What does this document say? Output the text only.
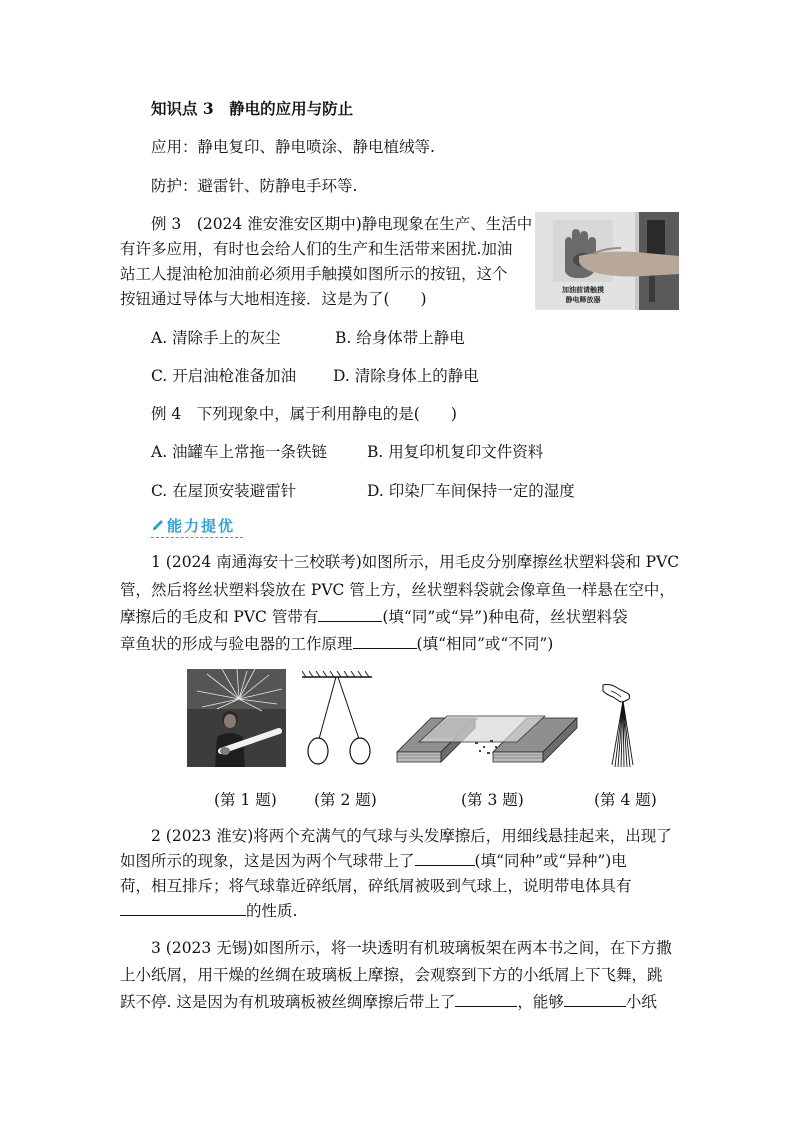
知识点 3　静电的应用与防止
应用：静电复印、静电喷涂、静电植绒等.
防护：避雷针、防静电手环等.
例 3　(2024 淮安淮安区期中)静电现象在生产、生活中
有许多应用，有时也会给人们的生产和生活带来困扰.加油
站工人提油枪加油前必须用手触摸如图所示的按钮，这个
按钮通过导体与大地相连接．这是为了(　　)	加油前请触摸
静电释放器
A. 清除手上的灰尘	B. 给身体带上静电
C. 开启油枪准备加油 D. 清除身体上的静电
例 4　下列现象中，属于利用静电的是(　　)
A. 油罐车上常拖一条铁链	B. 用复印机复印文件资料
C. 在屋顶安装避雷针	D. 印染厂车间保持一定的湿度
能力提优
1 (2024 南通海安十三校联考)如图所示，用毛皮分别摩擦丝状塑料袋和 PVC
管，然后将丝状塑料袋放在 PVC 管上方，丝状塑料袋就会像章鱼一样悬在空中，
摩擦后的毛皮和 PVC 管带有	(填“同”或“异”)种电荷，丝状塑料袋
章鱼状的形成与验电器的工作原理	(填“相同”或“不同”)
(第 1 题) (第 2 题)	(第 3 题)	(第 4 题)
2 (2023 淮安)将两个充满气的气球与头发摩擦后，用细线悬挂起来，出现了
如图所示的现象，这是因为两个气球带上了	(填“同种”或“异种”)电
荷，相互排斥；将气球靠近碎纸屑，碎纸屑被吸到气球上，说明带电体具有
的性质.
3 (2023 无锡)如图所示，将一块透明有机玻璃板架在两本书之间，在下方撒
上小纸屑，用干燥的丝绸在玻璃板上摩擦，会观察到下方的小纸屑上下飞舞，跳
跃不停. 这是因为有机玻璃板被丝绸摩擦后带上了	，能够	小纸
